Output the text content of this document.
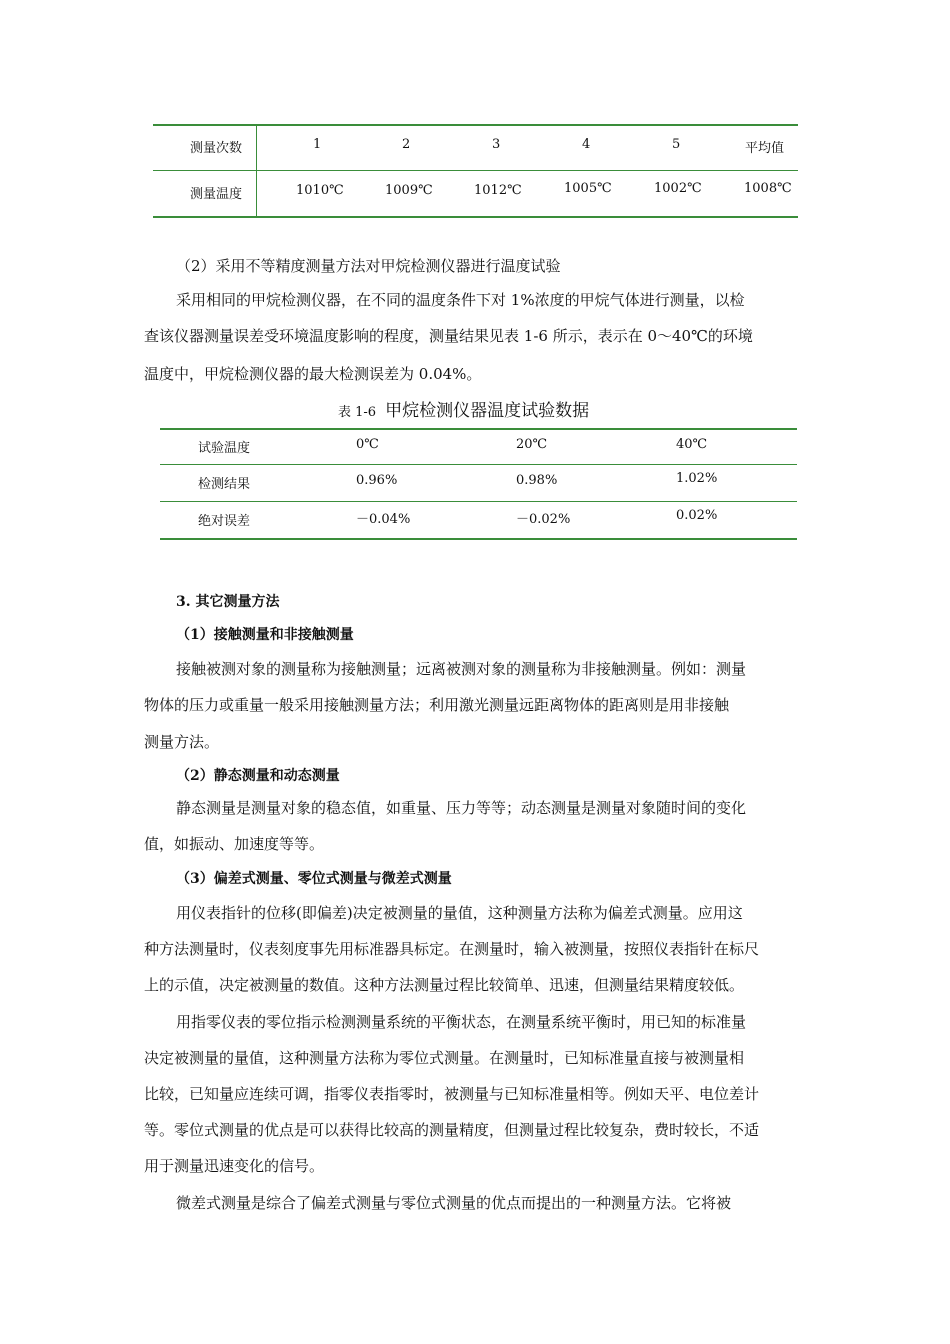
测量次数	1	2	3	4	5	平均值
测量温度	1010℃	1009℃	1012℃	1005℃	1002℃	1008℃
（2）采用不等精度测量方法对甲烷检测仪器进行温度试验
采用相同的甲烷检测仪器，在不同的温度条件下对 1%浓度的甲烷气体进行测量，以检
查该仪器测量误差受环境温度影响的程度，测量结果见表 1-6 所示，表示在 0～40℃的环境
温度中，甲烷检测仪器的最大检测误差为 0.04%。
表 1-6 甲烷检测仪器温度试验数据
试验温度	0℃	20℃	40℃
检测结果	0.96%	0.98%	1.02%
绝对误差	－0.04%	－0.02%	0.02%
3. 其它测量方法
（1）接触测量和非接触测量
接触被测对象的测量称为接触测量；远离被测对象的测量称为非接触测量。例如：测量
物体的压力或重量一般采用接触测量方法；利用激光测量远距离物体的距离则是用非接触
测量方法。
（2）静态测量和动态测量
静态测量是测量对象的稳态值，如重量、压力等等；动态测量是测量对象随时间的变化
值，如振动、加速度等等。
（3）偏差式测量、零位式测量与微差式测量
用仪表指针的位移(即偏差)决定被测量的量值，这种测量方法称为偏差式测量。应用这
种方法测量时，仪表刻度事先用标准器具标定。在测量时，输入被测量，按照仪表指针在标尺
上的示值，决定被测量的数值。这种方法测量过程比较简单、迅速，但测量结果精度较低。
用指零仪表的零位指示检测测量系统的平衡状态，在测量系统平衡时，用已知的标准量
决定被测量的量值，这种测量方法称为零位式测量。在测量时，已知标准量直接与被测量相
比较，已知量应连续可调，指零仪表指零时，被测量与已知标准量相等。例如天平、电位差计
等。零位式测量的优点是可以获得比较高的测量精度，但测量过程比较复杂，费时较长，不适
用于测量迅速变化的信号。
微差式测量是综合了偏差式测量与零位式测量的优点而提出的一种测量方法。它将被
